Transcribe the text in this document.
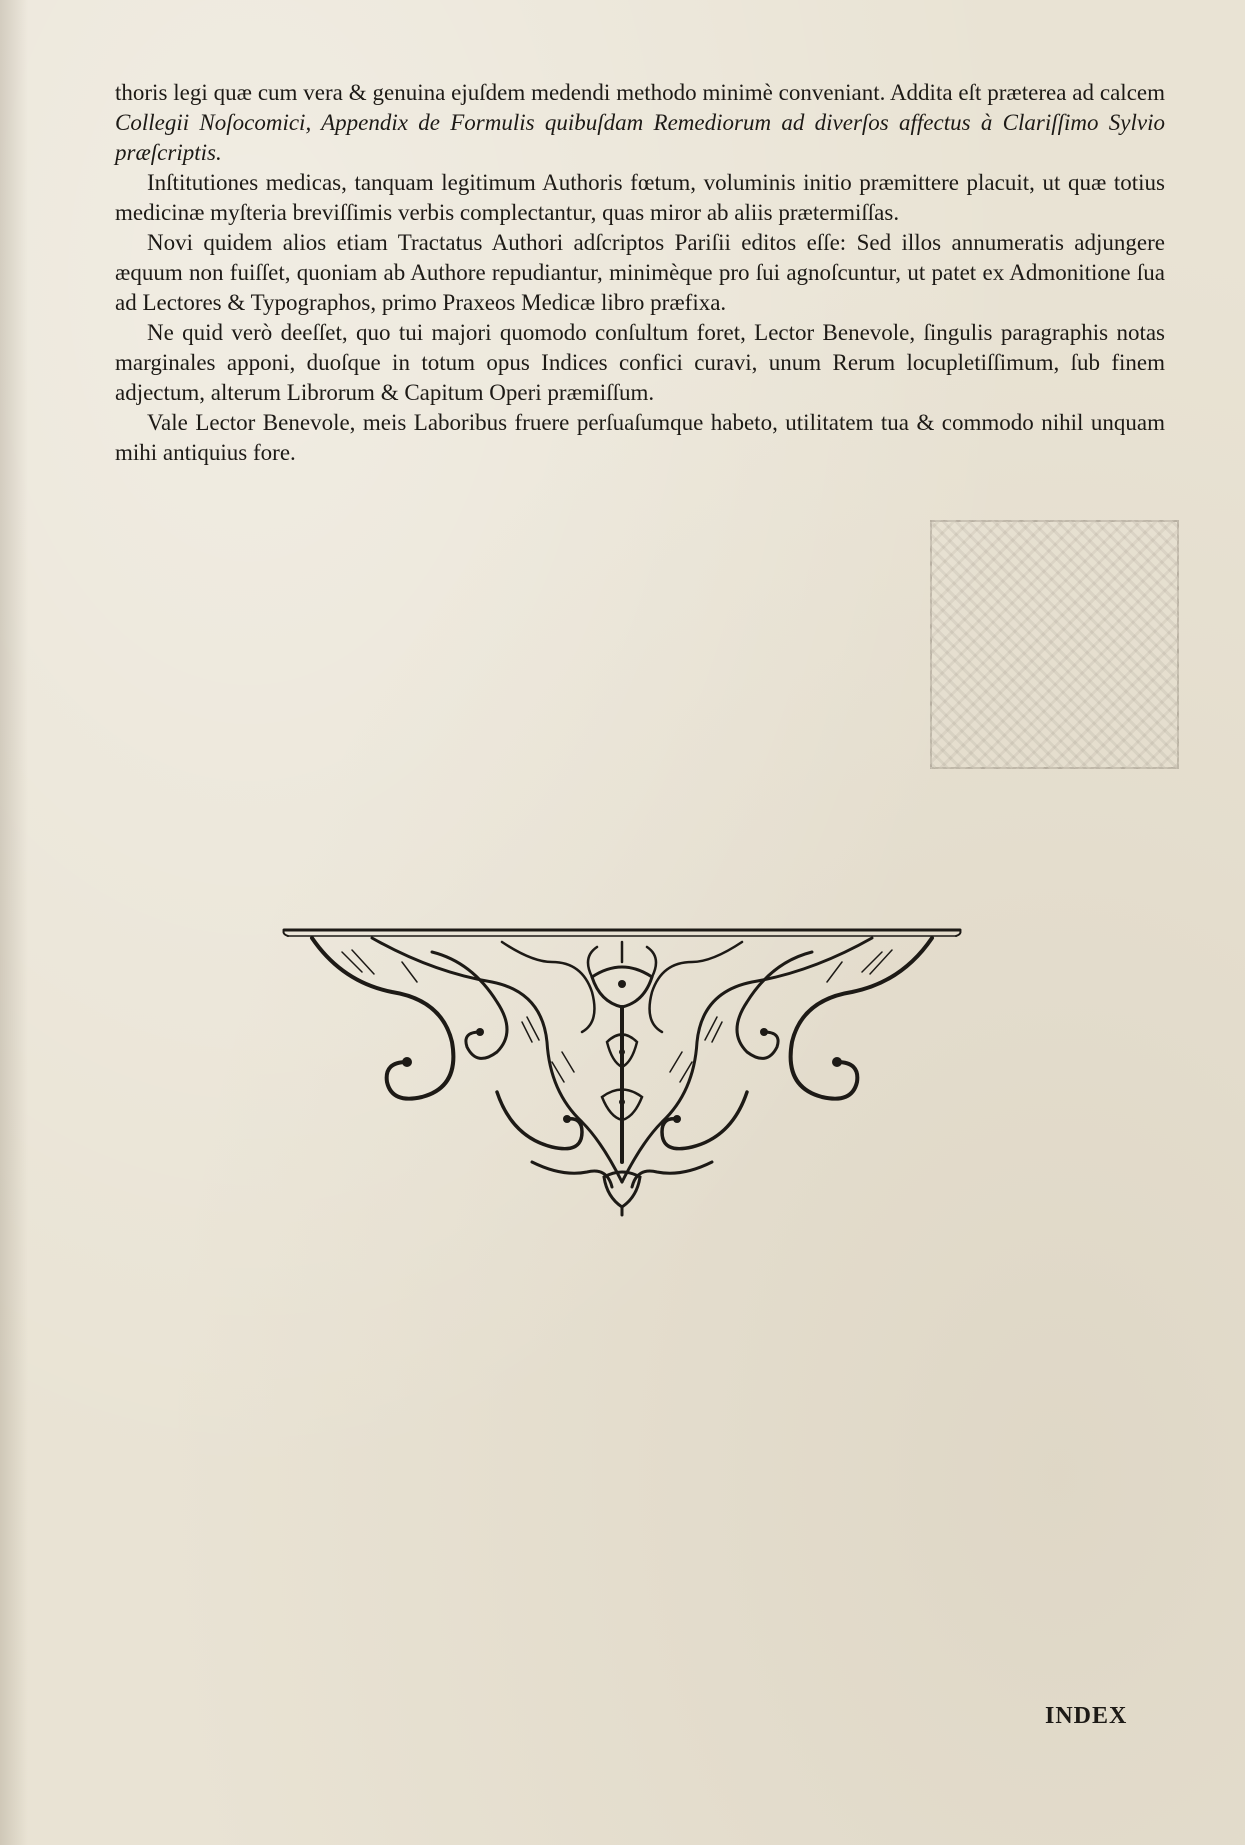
thoris legi quæ cum vera & genuina ejuſdem medendi methodo minimè conveniant. Addita eſt præterea ad calcem Collegii Noſocomici, Appendix de Formulis quibuſdam Remediorum ad diverſos affectus à Clariſſimo Sylvio præſcriptis.

Inſtitutiones medicas, tanquam legitimum Authoris fœtum, voluminis initio præmittere placuit, ut quæ totius medicinæ myſteria breviſſimis verbis complectantur, quas miror ab aliis prætermiſſas.

Novi quidem alios etiam Tractatus Authori adſcriptos Pariſii editos eſſe: Sed illos annumeratis adjungere æquum non fuiſſet, quoniam ab Authore repudiantur, minimèque pro ſui agnoſcuntur, ut patet ex Admonitione ſua ad Lectores & Typographos, primo Praxeos Medicæ libro præfixa.

Ne quid verò deeſſet, quo tui majori quomodo conſultum foret, Lector Benevole, ſingulis paragraphis notas marginales apponi, duoſque in totum opus Indices confici curavi, unum Rerum locupletiſſimum, ſub finem adjectum, alterum Librorum & Capitum Operi præmiſſum.

Vale Lector Benevole, meis Laboribus fruere perſuaſumque habeto, utilitatem tua & commodo nihil unquam mihi antiquius fore.

INDEX
